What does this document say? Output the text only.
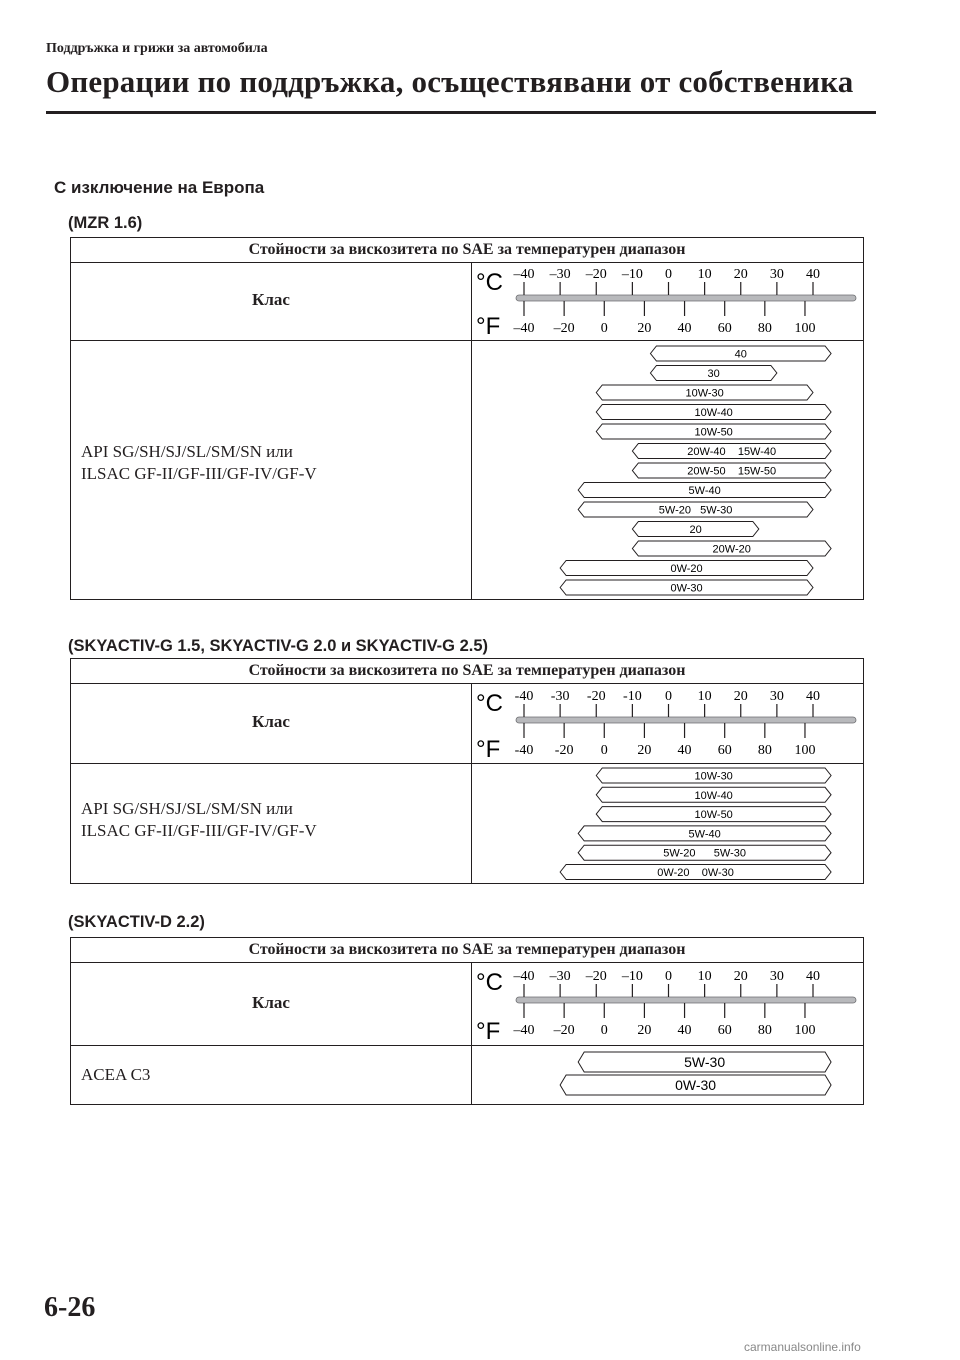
Поддръжка и грижи за автомобила
Операции по поддръжка, осъществявани от собственика
С изключение на Европа
(MZR 1.6)
Стойности за вискозитета по SAE за температурен диапазон
Клас
°C
°F
–40 –30 –20 –10 0 10 20 30 40
–40 –20 0 20 40 60 80 100
API SG/SH/SJ/SL/SM/SN или
ILSAC GF-II/GF-III/GF-IV/GF-V
40
30
10W-30
10W-40
10W-50
20W-40    15W-40
20W-50    15W-50
5W-40
5W-20   5W-30
20
20W-20
0W-20
0W-30
(SKYACTIV-G 1.5, SKYACTIV-G 2.0 и SKYACTIV-G 2.5)
Стойности за вискозитета по SAE за температурен диапазон
Клас
°C
°F
-40 -30 -20 -10 0 10 20 30 40
-40 -20 0 20 40 60 80 100
API SG/SH/SJ/SL/SM/SN или
ILSAC GF-II/GF-III/GF-IV/GF-V
10W-30
10W-40
10W-50
5W-40
5W-20      5W-30
0W-20    0W-30
(SKYACTIV-D 2.2)
Стойности за вискозитета по SAE за температурен диапазон
Клас
°C
°F
–40 –30 –20 –10 0 10 20 30 40
–40 –20 0 20 40 60 80 100
ACEA C3
5W-30
0W-30
6-26
carmanualsonline.info
